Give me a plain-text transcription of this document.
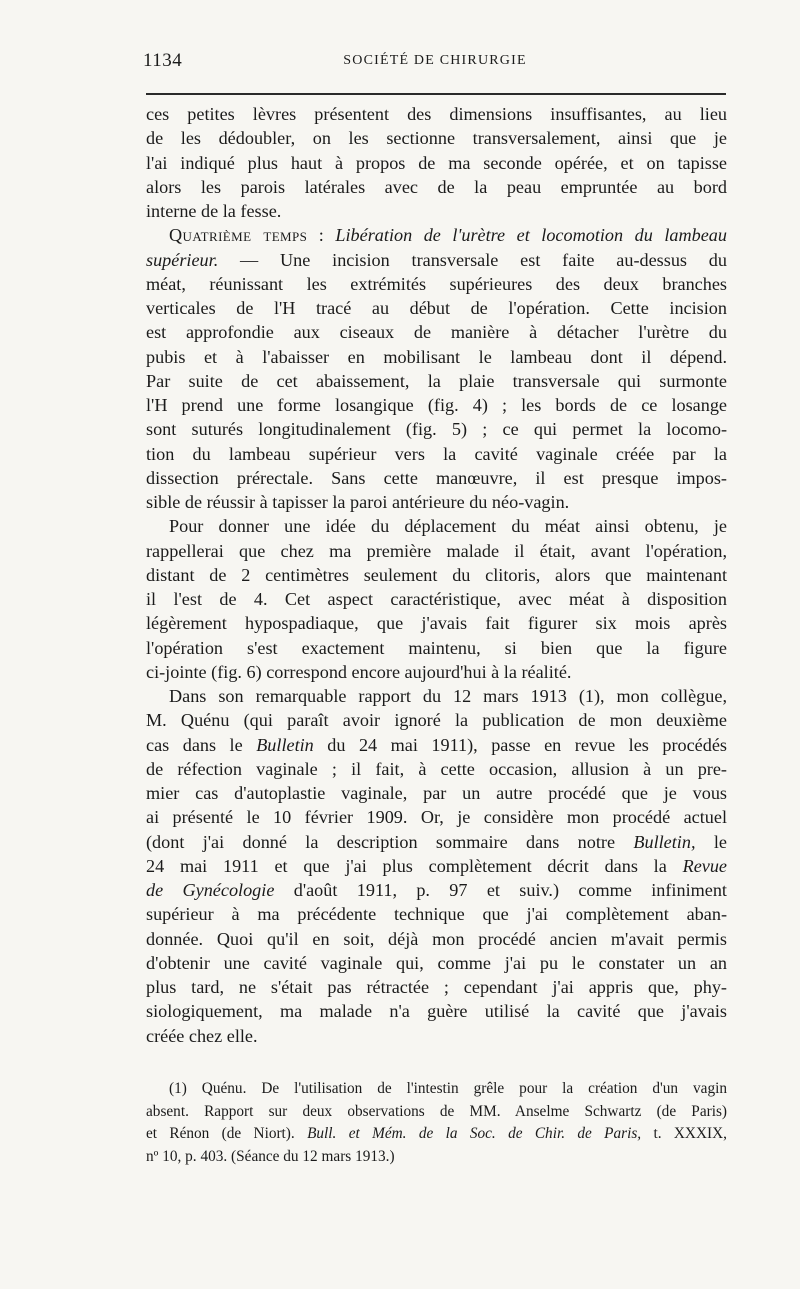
1134	SOCIÉTÉ DE CHIRURGIE
ces petites lèvres présentent des dimensions insuffisantes, au lieu
de les dédoubler, on les sectionne transversalement, ainsi que je
l'ai indiqué plus haut à propos de ma seconde opérée, et on tapisse
alors les parois latérales avec de la peau empruntée au bord
interne de la fesse.
Quatrième temps : Libération de l'urètre et locomotion du lambeau
supérieur. — Une incision transversale est faite au-dessus du
méat, réunissant les extrémités supérieures des deux branches
verticales de l'H tracé au début de l'opération. Cette incision
est approfondie aux ciseaux de manière à détacher l'urètre du
pubis et à l'abaisser en mobilisant le lambeau dont il dépend.
Par suite de cet abaissement, la plaie transversale qui surmonte
l'H prend une forme losangique (fig. 4) ; les bords de ce losange
sont suturés longitudinalement (fig. 5) ; ce qui permet la locomo-
tion du lambeau supérieur vers la cavité vaginale créée par la
dissection prérectale. Sans cette manœuvre, il est presque impos-
sible de réussir à tapisser la paroi antérieure du néo-vagin.
Pour donner une idée du déplacement du méat ainsi obtenu, je
rappellerai que chez ma première malade il était, avant l'opération,
distant de 2 centimètres seulement du clitoris, alors que maintenant
il l'est de 4. Cet aspect caractéristique, avec méat à disposition
légèrement hypospadiaque, que j'avais fait figurer six mois après
l'opération s'est exactement maintenu, si bien que la figure
ci-jointe (fig. 6) correspond encore aujourd'hui à la réalité.
Dans son remarquable rapport du 12 mars 1913 (1), mon collègue,
M. Quénu (qui paraît avoir ignoré la publication de mon deuxième
cas dans le Bulletin du 24 mai 1911), passe en revue les procédés
de réfection vaginale ; il fait, à cette occasion, allusion à un pre-
mier cas d'autoplastie vaginale, par un autre procédé que je vous
ai présenté le 10 février 1909. Or, je considère mon procédé actuel
(dont j'ai donné la description sommaire dans notre Bulletin, le
24 mai 1911 et que j'ai plus complètement décrit dans la Revue
de Gynécologie d'août 1911, p. 97 et suiv.) comme infiniment
supérieur à ma précédente technique que j'ai complètement aban-
donnée. Quoi qu'il en soit, déjà mon procédé ancien m'avait permis
d'obtenir une cavité vaginale qui, comme j'ai pu le constater un an
plus tard, ne s'était pas rétractée ; cependant j'ai appris que, phy-
siologiquement, ma malade n'a guère utilisé la cavité que j'avais
créée chez elle.
(1) Quénu. De l'utilisation de l'intestin grêle pour la création d'un vagin
absent. Rapport sur deux observations de MM. Anselme Schwartz (de Paris)
et Rénon (de Niort). Bull. et Mém. de la Soc. de Chir. de Paris, t. XXXIX,
nº 10, p. 403. (Séance du 12 mars 1913.)
